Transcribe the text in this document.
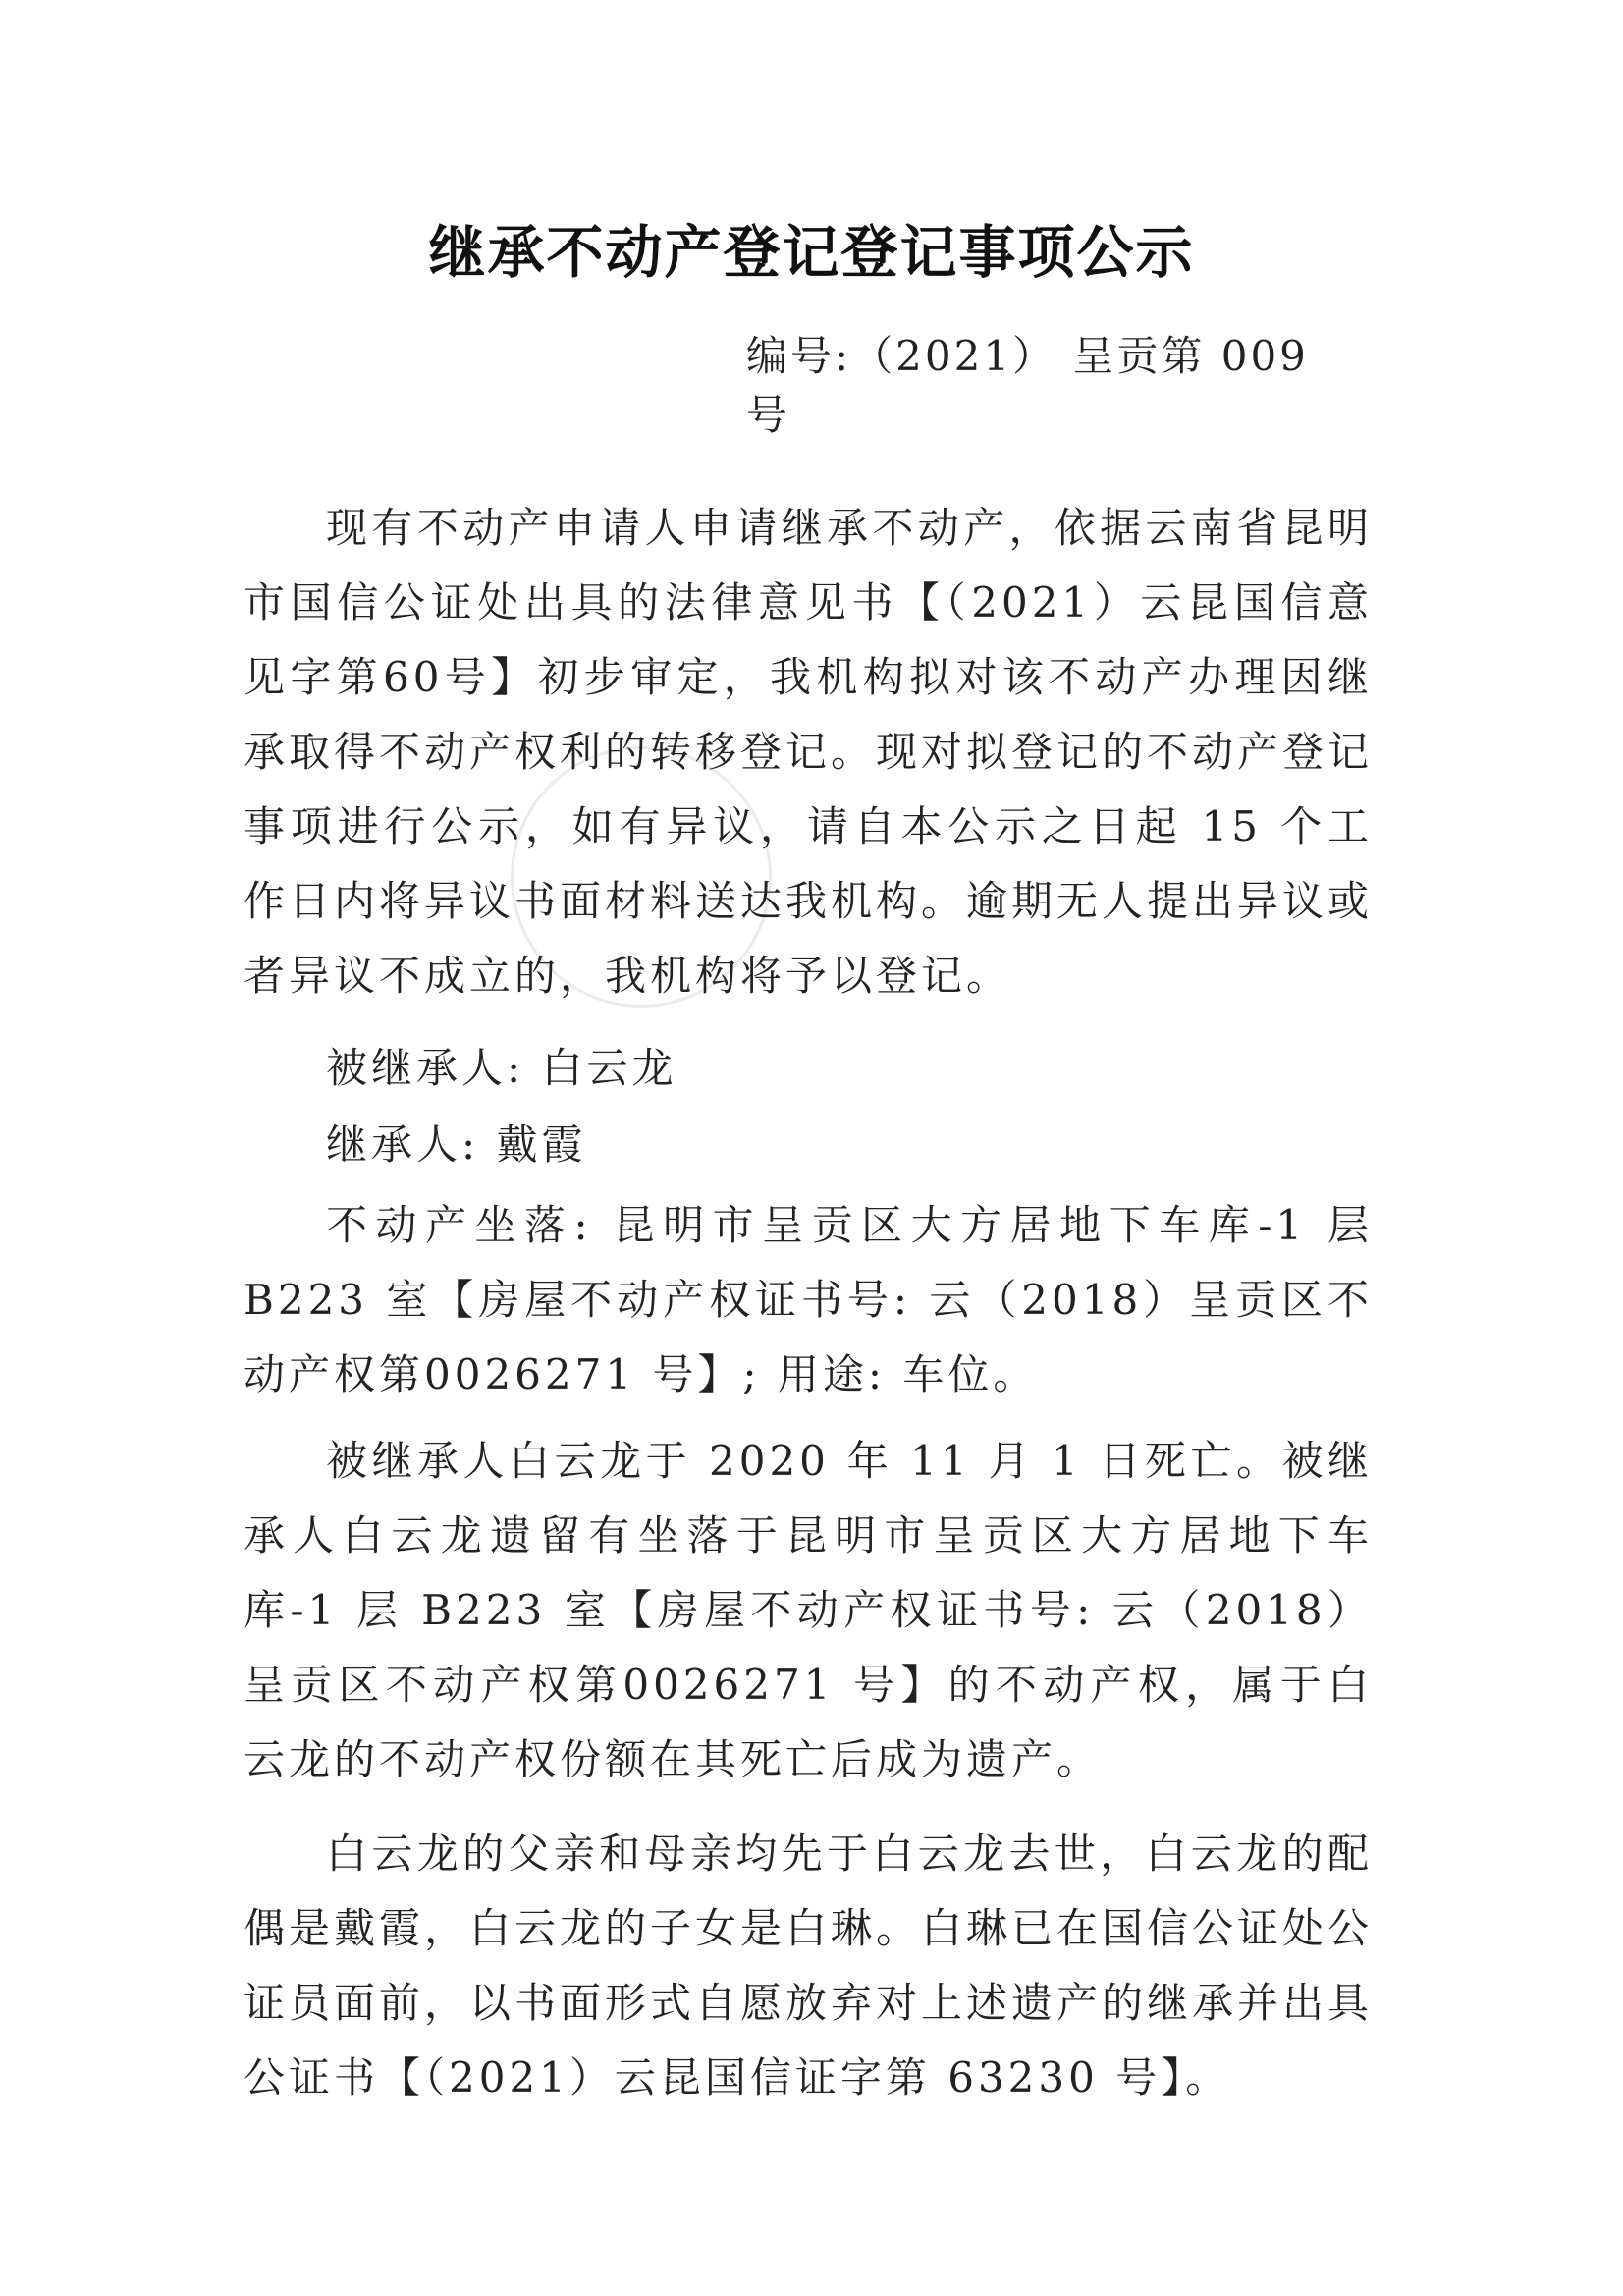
继承不动产登记登记事项公示
编号:（2021） 呈贡第 009 号

现有不动产申请人申请继承不动产，依据云南省昆明市国信公证处出具的法律意见书【（2021）云昆国信意见字第60号】初步审定，我机构拟对该不动产办理因继承取得不动产权利的转移登记。现对拟登记的不动产登记事项进行公示，如有异议，请自本公示之日起 15 个工作日内将异议书面材料送达我机构。逾期无人提出异议或者异议不成立的，我机构将予以登记。

被继承人: 白云龙

继承人: 戴霞

不动产坐落: 昆明市呈贡区大方居地下车库-1 层 B223 室【房屋不动产权证书号: 云（2018）呈贡区不动产权第0026271 号】; 用途: 车位。

被继承人白云龙于 2020 年 11 月 1 日死亡。被继承人白云龙遗留有坐落于昆明市呈贡区大方居地下车库-1 层 B223 室【房屋不动产权证书号: 云（2018）呈贡区不动产权第0026271 号】的不动产权，属于白云龙的不动产权份额在其死亡后成为遗产。

白云龙的父亲和母亲均先于白云龙去世，白云龙的配偶是戴霞，白云龙的子女是白琳。白琳已在国信公证处公证员面前，以书面形式自愿放弃对上述遗产的继承并出具公证书【（2021）云昆国信证字第 63230 号】。
